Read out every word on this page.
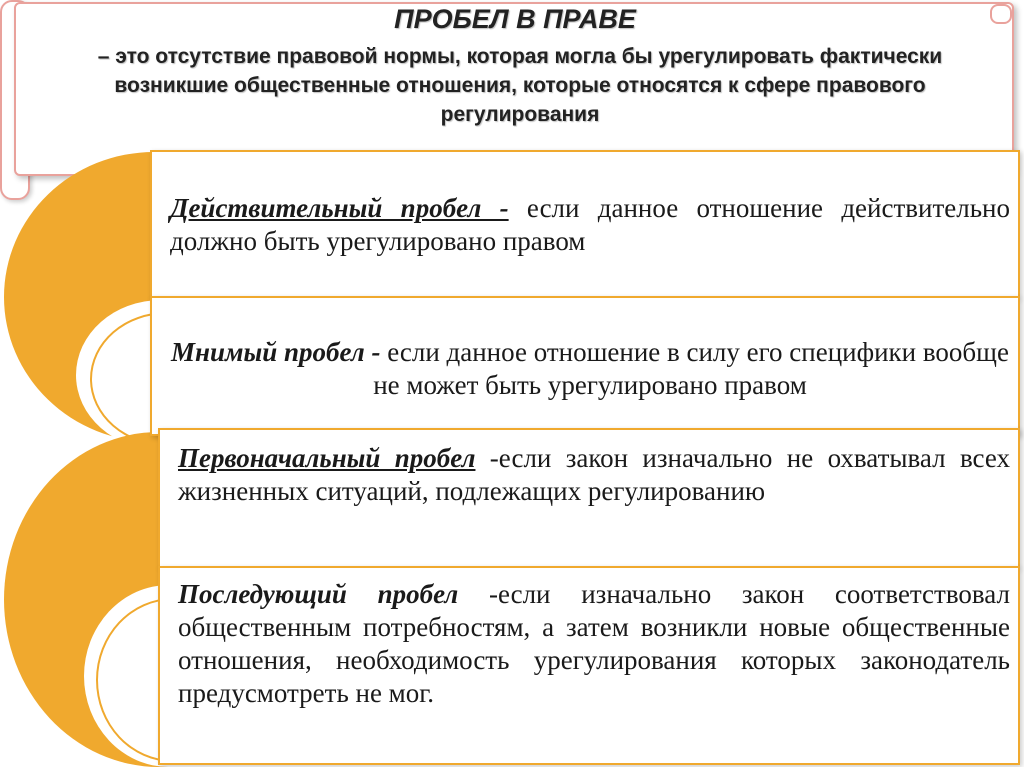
ПРОБЕЛ В ПРАВЕ
– это отсутствие правовой нормы, которая могла бы урегулировать фактически возникшие общественные отношения, которые относятся к сфере правового регулирования
Действительный пробел - если данное отношение действительно должно быть урегулировано правом
Мнимый пробел - если данное отношение в силу его специфики вообще не может быть урегулировано правом
Первоначальный пробел -если закон изначально не охватывал всех жизненных ситуаций, подлежащих регулированию
Последующий пробел -если изначально закон соответствовал общественным потребностям, а затем возникли новые общественные отношения, необходимость урегулирования которых законодатель предусмотреть не мог.
